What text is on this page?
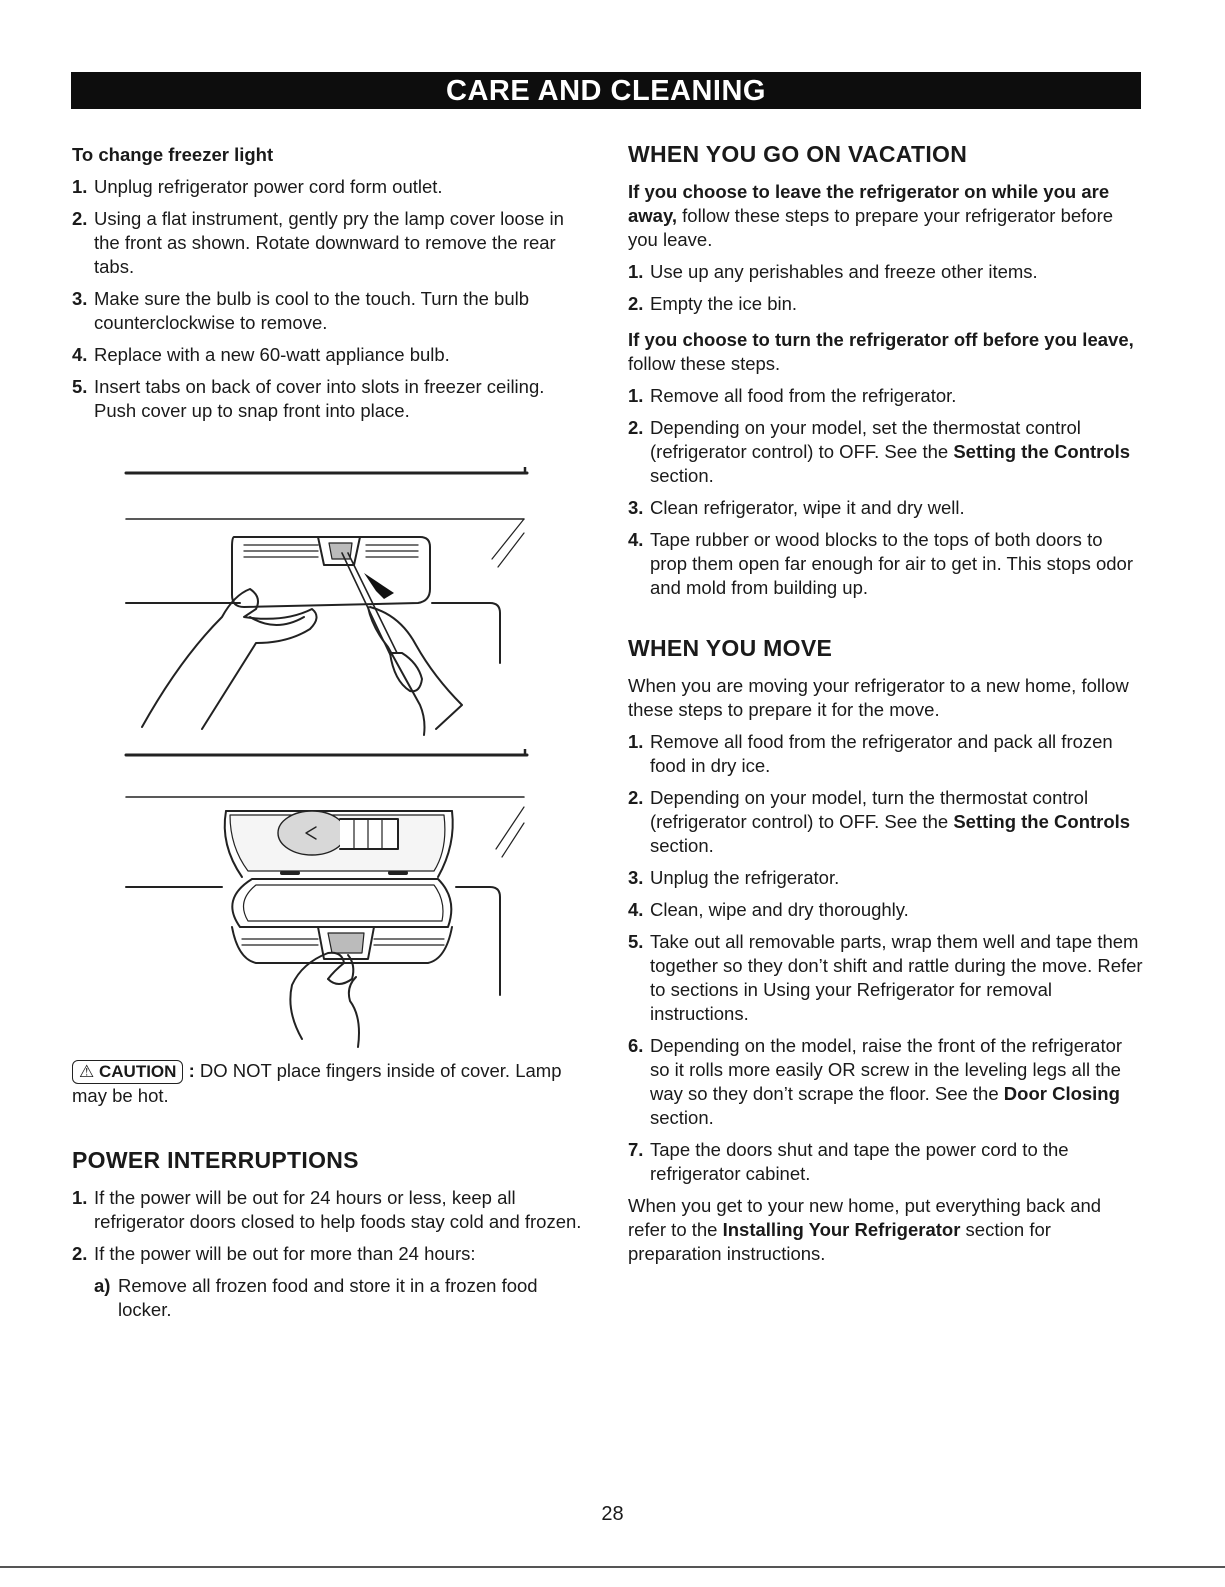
CARE AND CLEANING
To change freezer light
1. Unplug refrigerator power cord form outlet.
2. Using a flat instrument, gently pry the lamp cover loose in the front as shown. Rotate downward to remove the rear tabs.
3. Make sure the bulb is cool to the touch. Turn the bulb counterclockwise to remove.
4. Replace with a new 60-watt appliance bulb.
5. Insert tabs on back of cover into slots in freezer ceiling. Push cover up to snap front into place.
⚠ CAUTION : DO NOT place fingers inside of cover. Lamp may be hot.
POWER INTERRUPTIONS
1. If the power will be out for 24 hours or less, keep all refrigerator doors closed to help foods stay cold and frozen.
2. If the power will be out for more than 24 hours:
a) Remove all frozen food and store it in a frozen food locker.
WHEN YOU GO ON VACATION

If you choose to leave the refrigerator on while you are away, follow these steps to prepare your refrigerator before you leave.

1. Use up any perishables and freeze other items.
2. Empty the ice bin.

If you choose to turn the refrigerator off before you leave, follow these steps.

1. Remove all food from the refrigerator.
2. Depending on your model, set the thermostat control (refrigerator control) to OFF. See the Setting the Controls section.
3. Clean refrigerator, wipe it and dry well.
4. Tape rubber or wood blocks to the tops of both doors to prop them open far enough for air to get in. This stops odor and mold from building up.
WHEN YOU MOVE

When you are moving your refrigerator to a new home, follow these steps to prepare it for the move.

1. Remove all food from the refrigerator and pack all frozen food in dry ice.
2. Depending on your model, turn the thermostat control (refrigerator control) to OFF. See the Setting the Controls section.
3. Unplug the refrigerator.
4. Clean, wipe and dry thoroughly.
5. Take out all removable parts, wrap them well and tape them together so they don’t shift and rattle during the move. Refer to sections in Using your Refrigerator for removal instructions.
6. Depending on the model, raise the front of the refrigerator so it rolls more easily OR screw in the leveling legs all the way so they don’t scrape the floor. See the Door Closing section.
7. Tape the doors shut and tape the power cord to the refrigerator cabinet.

When you get to your new home, put everything back and refer to the Installing Your Refrigerator section for preparation instructions.

28
